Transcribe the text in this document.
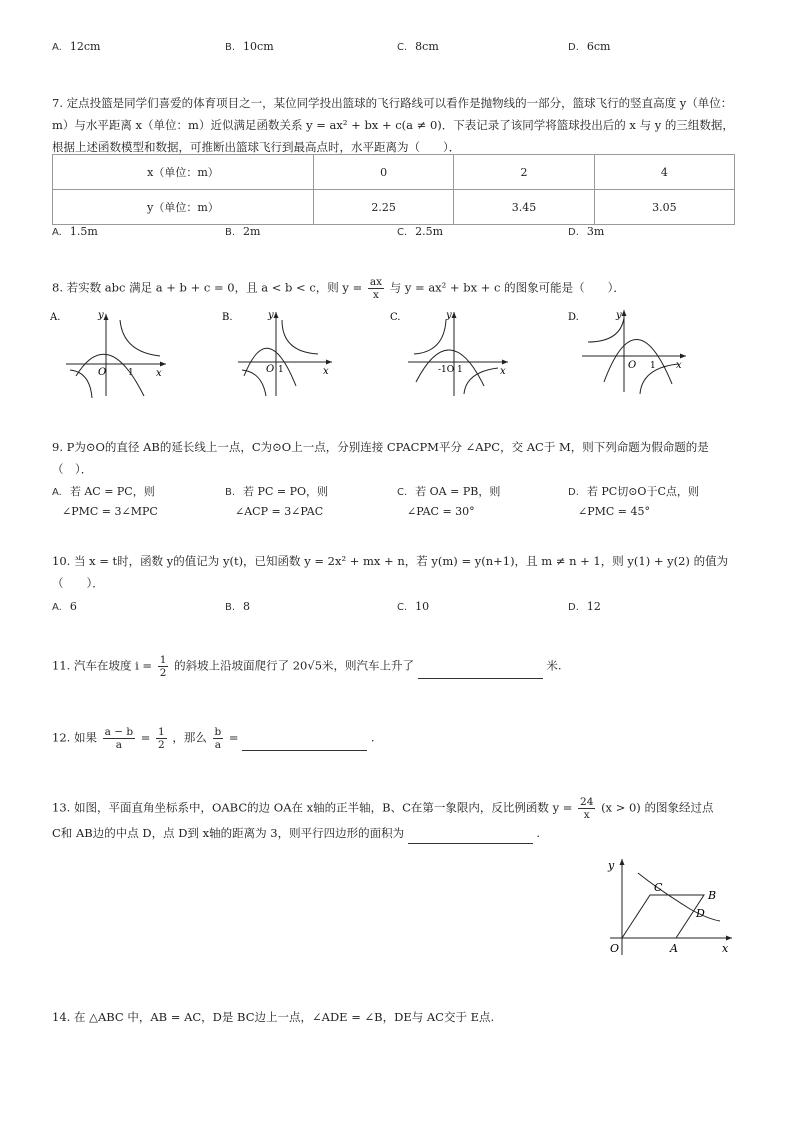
A. 12cm	B. 10cm	C. 8cm	D. 6cm
7. 定点投篮是同学们喜爱的体育项目之一，某位同学投出篮球的飞行路线可以看作是抛物线的一部分，篮球飞行的竖直高度 y（单位：m）与水平距离 x（单位：m）近似满足函数关系 y = ax² + bx + c(a ≠ 0)．下表记录了该同学将篮球投出后的 x 与 y 的三组数据，根据上述函数模型和数据，可推断出篮球飞行到最高点时，水平距离为（　　）．
x（单位：m）	0	2	4
y（单位：m）	2.25	3.45	3.05
A. 1.5m	B. 2m	C. 2.5m	D. 3m
8. 若实数 abc 满足 a + b + c = 0，且 a < b < c，则 $y = \frac{ax}{x}$ 与 y = ax² + bx + c 的图象可能是（　　）．
A.	y
x
O 1
B.	y
x
O 1
C.	y
x
-1O 1
D.	y
x
O 1
9. P为⊙O的直径 AB的延长线上一点，C为⊙O上一点，分别连接 CPACPM平分 ∠APC，交 AC于 M，则下列命题为假命题的是（　）．
A. 若 AC = PC，则
∠PMC = 3∠MPC
B. 若 PC = PO，则
∠ACP = 3∠PAC
C. 若 OA = PB，则
∠PAC = 30°
D. 若 PC切⊙O于C点，则
∠PMC = 45°
10. 当 x = t时，函数 y的值记为 y(t)，已知函数 y = 2x² + mx + n，若 y(m) = y(n+1)，且 m ≠ n + 1，则 y(1) + y(2) 的值为（　　）．
A. 6	B. 8	C. 10	D. 12
11. 汽车在坡度 $i = \frac{1}{2}$ 的斜坡上沿坡面爬行了 20√5米，则汽车上升了	米.
12. 如果 $\frac{a - b}{a} = \frac{1}{2}$ ，那么 $\frac{b}{a}$ =	.
13. 如图，平面直角坐标系中，OABC的边 OA在 x轴的正半轴，B、C在第一象限内，反比例函数 $y = \frac{24}{x} (x > 0)$ 的图象经过点
C和 AB边的中点 D，点 D到 x轴的距离为 3，则平行四边形的面积为	.
y
x
O	A
B
C
D
14. 在 △ABC 中，AB = AC，D是 BC边上一点，∠ADE = ∠B，DE与 AC交于 E点.
